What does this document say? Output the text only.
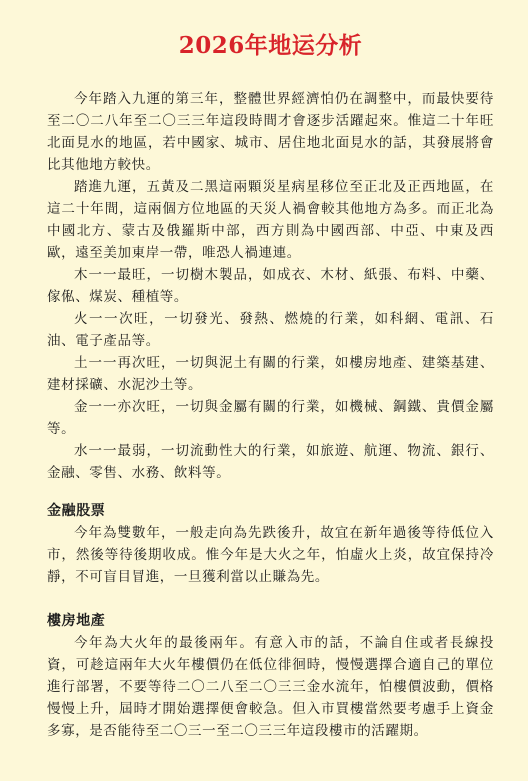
2026年地运分析

今年踏入九運的第三年，整體世界經濟怕仍在調整中，而最快要待至二〇二八年至二〇三三年這段時間才會逐步活躍起來。惟這二十年旺北面見水的地區，若中國家、城市、居住地北面見水的話，其發展將會比其他地方較快。

踏進九運，五黃及二黑這兩顆災星病星移位至正北及正西地區，在這二十年間，這兩個方位地區的天災人禍會較其他地方為多。而正北為中國北方、蒙古及俄羅斯中部，西方則為中國西部、中亞、中東及西歐，遠至美加東岸一帶，唯恐人禍連連。

木一一最旺，一切樹木製品，如成衣、木材、紙張、布料、中藥、傢俬、煤炭、種植等。

火一一次旺，一切發光、發熱、燃燒的行業，如科網、電訊、石油、電子產品等。

土一一再次旺，一切與泥土有關的行業，如樓房地產、建築基建、建材採礦、水泥沙土等。

金一一亦次旺，一切與金屬有關的行業，如機械、鋼鐵、貴價金屬等。

水一一最弱，一切流動性大的行業，如旅遊、航運、物流、銀行、金融、零售、水務、飲料等。

金融股票

今年為雙數年，一般走向為先跌後升，故宜在新年過後等待低位入市，然後等待後期收成。惟今年是大火之年，怕虛火上炎，故宜保持冷靜，不可盲目冒進，一旦獲利當以止賺為先。

樓房地產

今年為大火年的最後兩年。有意入市的話，不論自住或者長線投資，可趁這兩年大火年樓價仍在低位徘徊時，慢慢選擇合適自己的單位進行部署，不要等待二〇二八至二〇三三金水流年，怕樓價波動，價格慢慢上升，屆時才開始選擇便會較急。但入市買樓當然要考慮手上資金多寡，是否能待至二〇三一至二〇三三年這段樓市的活躍期。
